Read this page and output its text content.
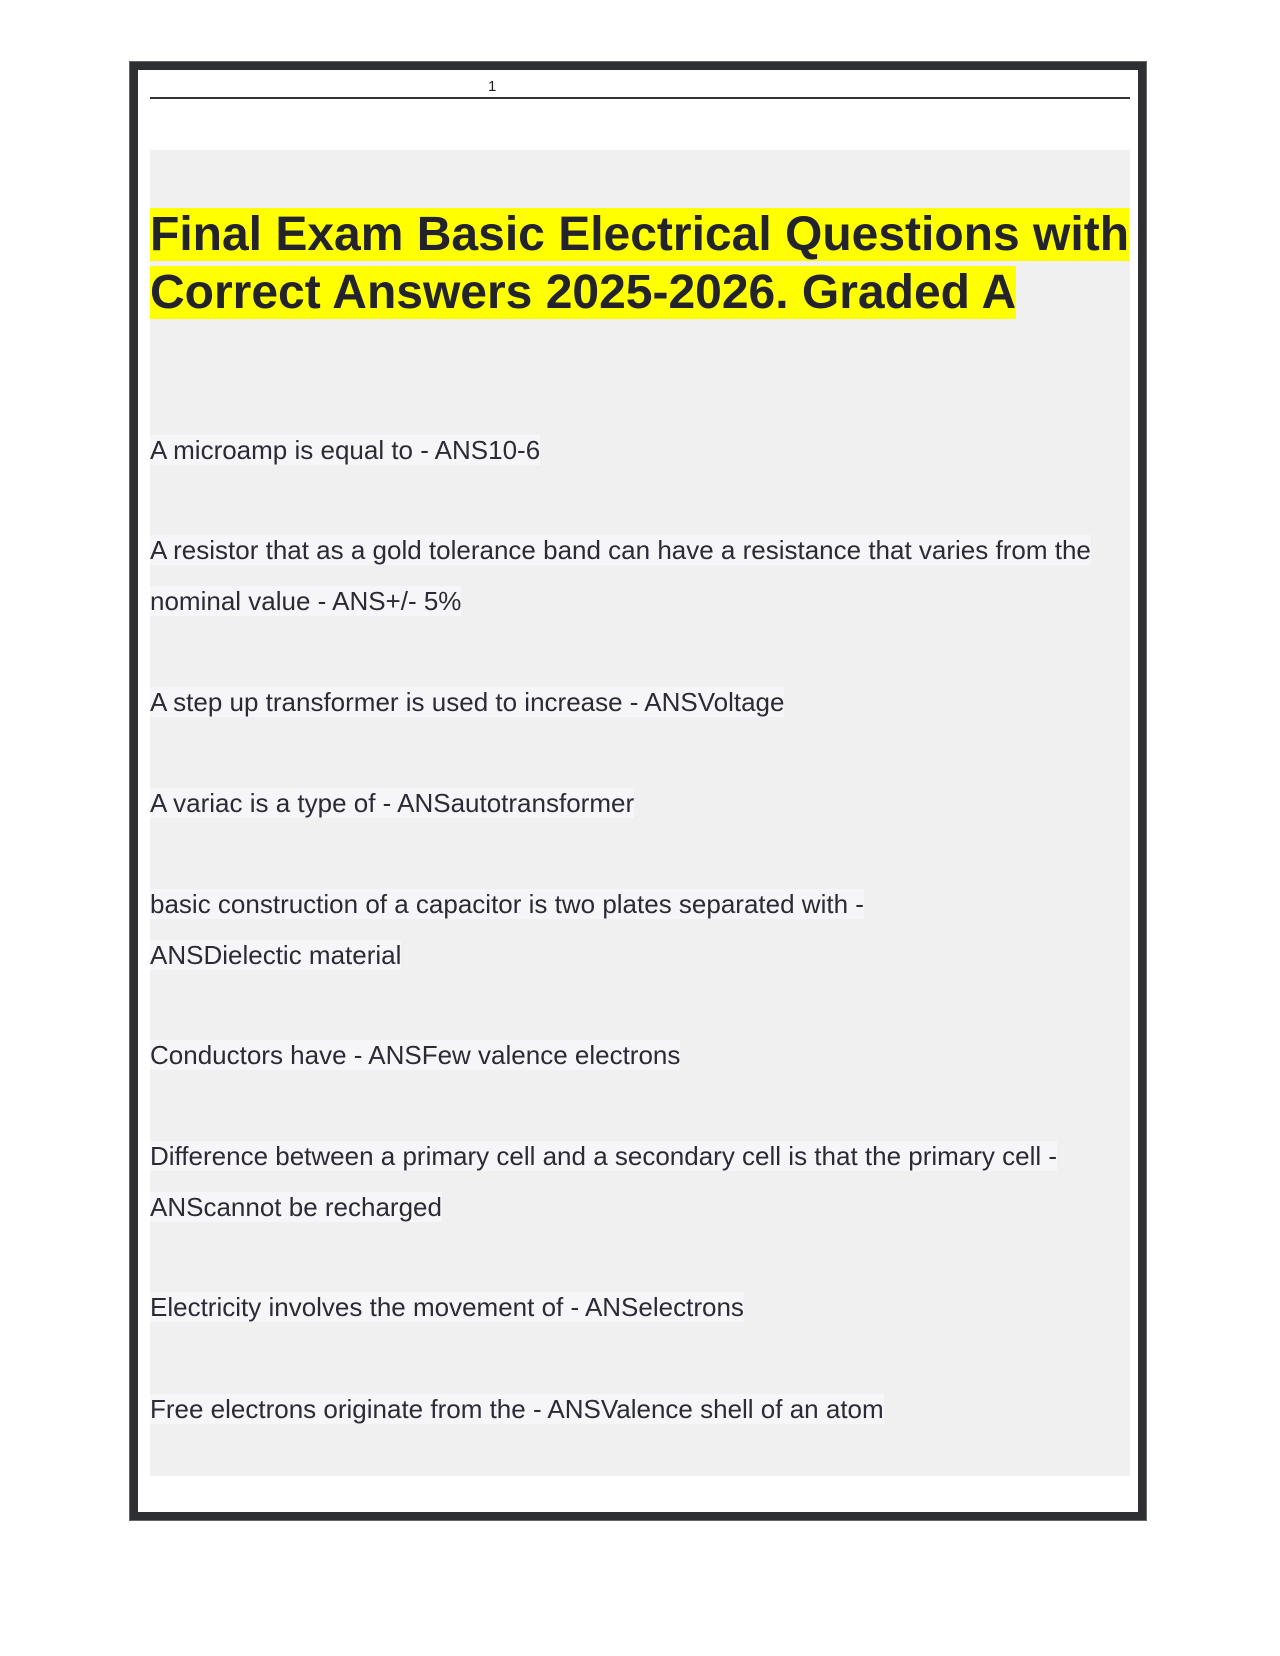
1
Final Exam Basic Electrical Questions with Correct Answers 2025-2026. Graded A
A microamp is equal to - ANS10-6
A resistor that as a gold tolerance band can have a resistance that varies from the nominal value - ANS+/- 5%
A step up transformer is used to increase - ANSVoltage
A variac is a type of - ANSautotransformer
basic construction of a capacitor is two plates separated with - ANSDielectic material
Conductors have - ANSFew valence electrons
Difference between a primary cell and a secondary cell is that the primary cell - ANScannot be recharged
Electricity involves the movement of - ANSelectrons
Free electrons originate from the - ANSValence shell of an atom
